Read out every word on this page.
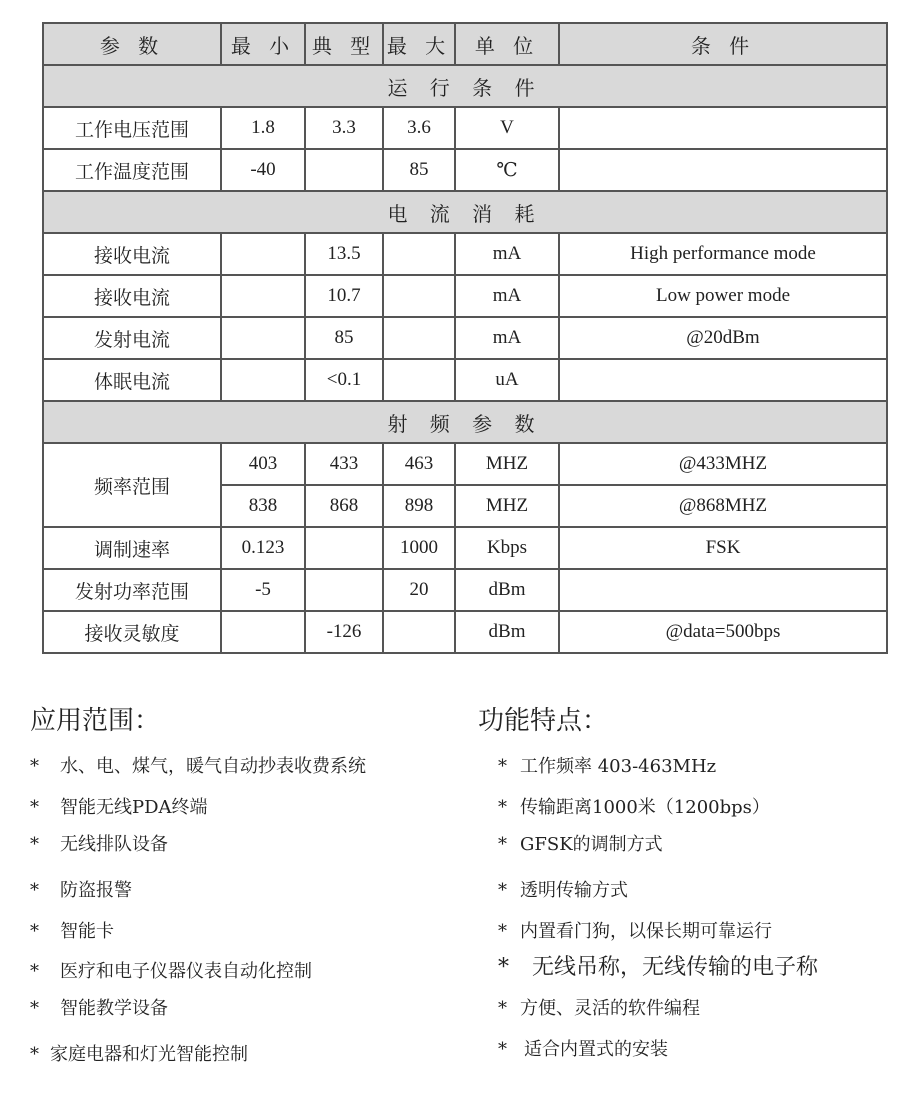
参 数	最 小	典 型	最 大	单 位	条 件
运 行 条 件					
工作电压范围	1.8	3.3	3.6	V	
工作温度范围	-40		85	℃	
电 流 消 耗					
接收电流		13.5		mA	High performance mode
接收电流		10.7		mA	Low power mode
发射电流		85		mA	@20dBm
体眠电流		<0.1		uA	
射 频 参 数					
频率范围	403	433	463	MHZ	@433MHZ
	838	868	898	MHZ	@868MHZ
调制速率	0.123		1000	Kbps	FSK
发射功率范围	-5		20	dBm	
接收灵敏度		-126		dBm	@data=500bps
应用范围：	功能特点：
* 水、电、煤气，暖气自动抄表收费系统
* 智能无线PDA终端
* 无线排队设备
* 防盗报警
* 智能卡
* 医疗和电子仪器仪表自动化控制
* 智能教学设备
* 家庭电器和灯光智能控制
* 工作频率 403-463MHz
* 传输距离1000米（1200bps）
* GFSK的调制方式
* 透明传输方式
* 内置看门狗，以保长期可靠运行
* 无线吊称，无线传输的电子称
* 方便、灵活的软件编程
* 适合内置式的安装
